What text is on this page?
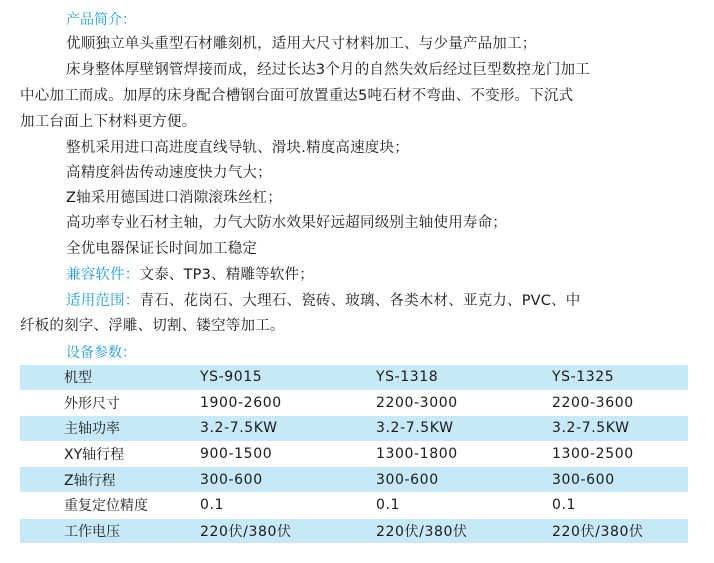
产品简介：
优顺独立单头重型石材雕刻机，适用大尺寸材料加工、与少量产品加工；
床身整体厚壁钢管焊接而成，经过长达3个月的自然失效后经过巨型数控龙门加工
中心加工而成。加厚的床身配合槽钢台面可放置重达5吨石材不弯曲、不变形。下沉式
加工台面上下材料更方便。
整机采用进口高进度直线导轨、滑块.精度高速度块；
高精度斜齿传动速度快力气大；
Z轴采用德国进口消隙滚珠丝杠；
高功率专业石材主轴，力气大防水效果好远超同级别主轴使用寿命；
全优电器保证长时间加工稳定
兼容软件：文泰、TP3、精雕等软件；
适用范围：青石、花岗石、大理石、瓷砖、玻璃、各类木材、亚克力、PVC、中
纤板的刻字、浮雕、切割、镂空等加工。
设备参数：
机型	YS-9015	YS-1318	YS-1325
外形尺寸	1900-2600	2200-3000	2200-3600
主轴功率	3.2-7.5KW	3.2-7.5KW	3.2-7.5KW
XY轴行程	900-1500	1300-1800	1300-2500
Z轴行程	300-600	300-600	300-600
重复定位精度	0.1	0.1	0.1
工作电压	220伏/380伏	220伏/380伏	220伏/380伏
